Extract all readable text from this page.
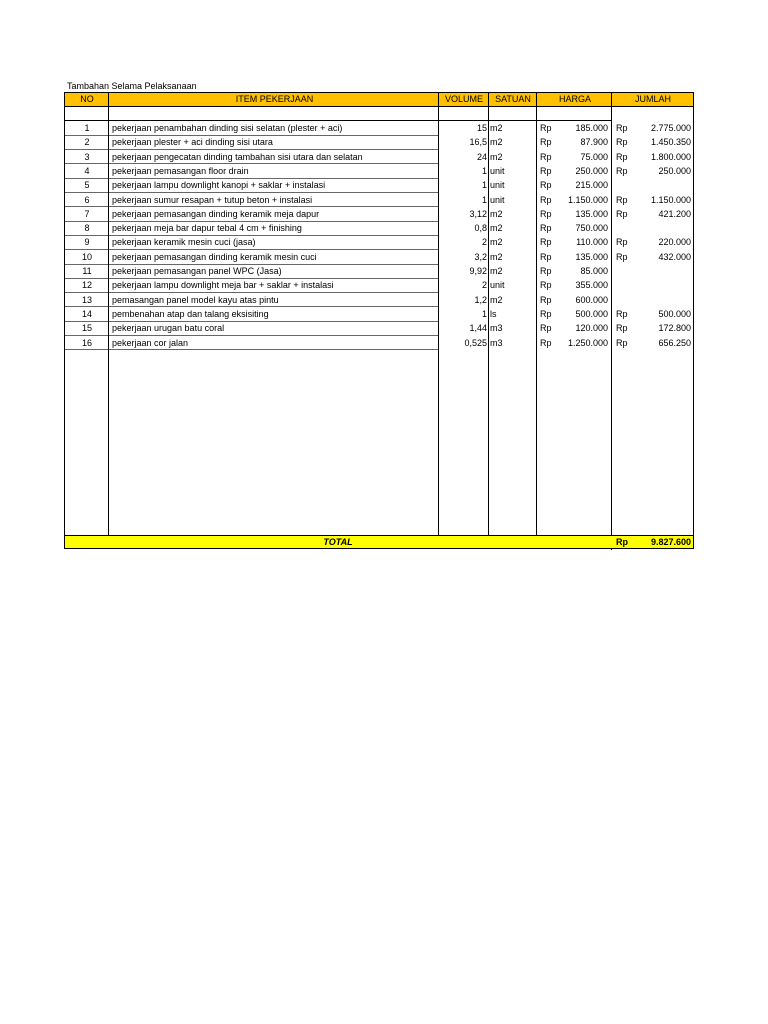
Tambahan Selama Pelaksanaan
NO	ITEM PEKERJAAN	VOLUME	SATUAN	HARGA	JUMLAH
1	pekerjaan penambahan dinding sisi selatan (plester + aci)	15 m2	Rp	185.000 Rp	2.775.000
2	pekerjaan plester + aci dinding sisi utara	16,5 m2	Rp	87.900 Rp	1.450.350
3	pekerjaan pengecatan dinding tambahan sisi utara dan selatan	24 m2	Rp	75.000 Rp	1.800.000
4	pekerjaan pemasangan floor drain	1 unit	Rp	250.000 Rp	250.000
5	pekerjaan lampu downlight kanopi + saklar + instalasi	1 unit	Rp	215.000
6	pekerjaan sumur resapan + tutup beton + instalasi	1 unit	Rp	1.150.000 Rp	1.150.000
7	pekerjaan pemasangan dinding keramik meja dapur	3,12 m2	Rp	135.000 Rp	421.200
8	pekerjaan meja bar dapur tebal 4 cm + finishing	0,8 m2	Rp	750.000
9	pekerjaan keramik mesin cuci (jasa)	2 m2	Rp	110.000 Rp	220.000
10	pekerjaan pemasangan dinding keramik mesin cuci	3,2 m2	Rp	135.000 Rp	432.000
11	pekerjaan pemasangan panel WPC (Jasa)	9,92 m2	Rp	85.000
12	pekerjaan lampu downlight meja bar + saklar + instalasi	2 unit	Rp	355.000
13	pemasangan panel model kayu atas pintu	1,2 m2	Rp	600.000
14	pembenahan atap dan talang eksisiting	1 ls	Rp	500.000 Rp	500.000
15	pekerjaan urugan batu coral	1,44 m3	Rp	120.000 Rp	172.800
16	pekerjaan cor jalan	0,525 m3	Rp	1.250.000 Rp	656.250
TOTAL	Rp	9.827.600
